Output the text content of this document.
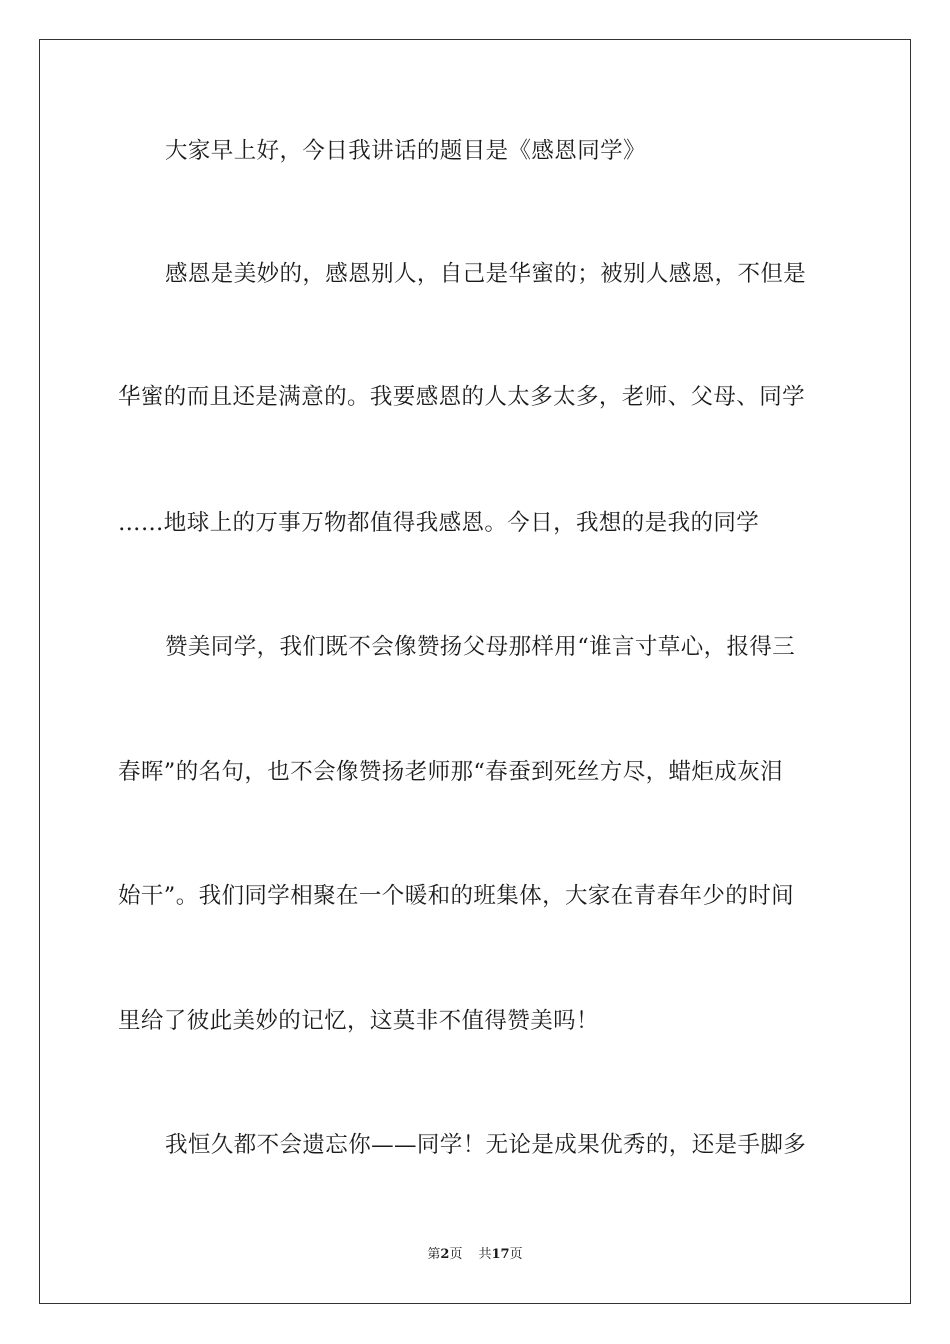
大家早上好，今日我讲话的题目是《感恩同学》
感恩是美妙的，感恩别人，自己是华蜜的；被别人感恩，不但是
华蜜的而且还是满意的。我要感恩的人太多太多，老师、父母、同学
……地球上的万事万物都值得我感恩。今日，我想的是我的同学
赞美同学，我们既不会像赞扬父母那样用“谁言寸草心，报得三
春晖”的名句，也不会像赞扬老师那“春蚕到死丝方尽，蜡炬成灰泪
始干”。我们同学相聚在一个暖和的班集体，大家在青春年少的时间
里给了彼此美妙的记忆，这莫非不值得赞美吗！
我恒久都不会遗忘你——同学！无论是成果优秀的，还是手脚多
第2页 共17页
